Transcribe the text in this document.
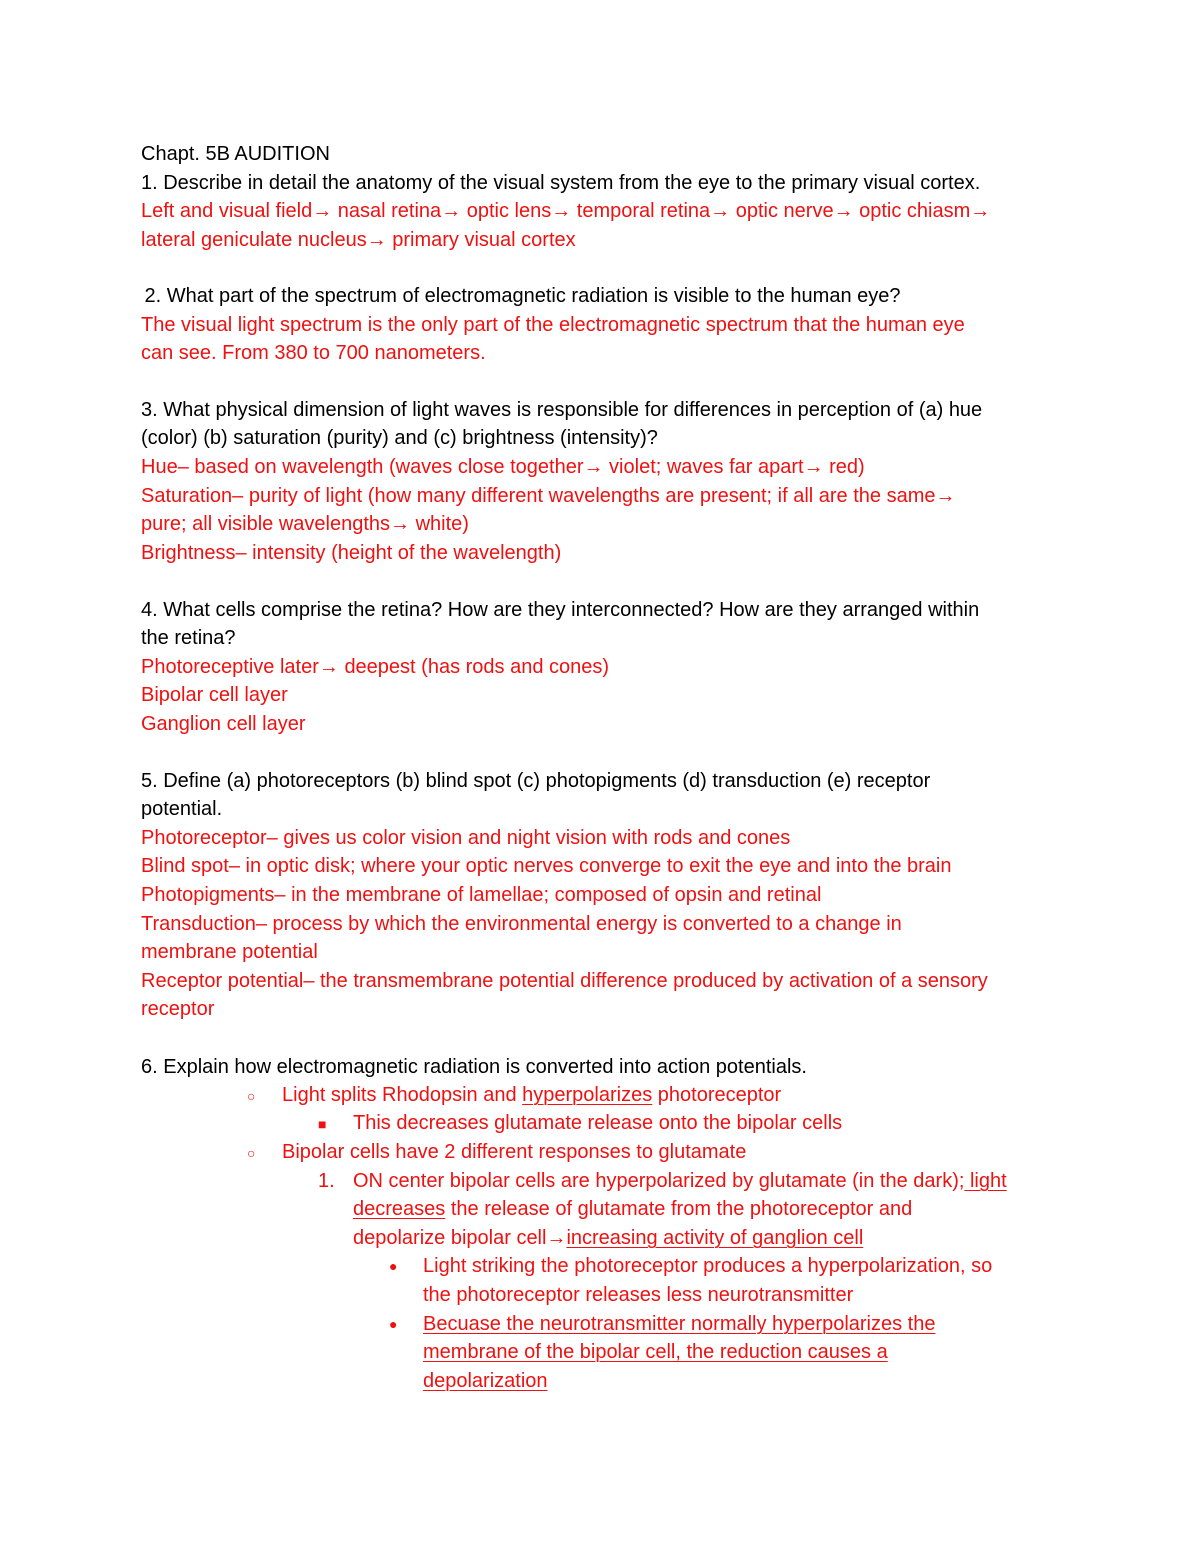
Chapt. 5B AUDITION
1. Describe in detail the anatomy of the visual system from the eye to the primary visual cortex.
Left and visual field→ nasal retina→ optic lens→ temporal retina→ optic nerve→ optic chiasm→
lateral geniculate nucleus→ primary visual cortex
2. What part of the spectrum of electromagnetic radiation is visible to the human eye?
The visual light spectrum is the only part of the electromagnetic spectrum that the human eye
can see. From 380 to 700 nanometers.
3. What physical dimension of light waves is responsible for differences in perception of (a) hue
(color) (b) saturation (purity) and (c) brightness (intensity)?
Hue– based on wavelength (waves close together→ violet; waves far apart→ red)
Saturation– purity of light (how many different wavelengths are present; if all are the same→
pure; all visible wavelengths→ white)
Brightness– intensity (height of the wavelength)
4. What cells comprise the retina? How are they interconnected? How are they arranged within
the retina?
Photoreceptive later→ deepest (has rods and cones)
Bipolar cell layer
Ganglion cell layer
5. Define (a) photoreceptors (b) blind spot (c) photopigments (d) transduction (e) receptor
potential.
Photoreceptor– gives us color vision and night vision with rods and cones
Blind spot– in optic disk; where your optic nerves converge to exit the eye and into the brain
Photopigments– in the membrane of lamellae; composed of opsin and retinal
Transduction– process by which the environmental energy is converted to a change in
membrane potential
Receptor potential– the transmembrane potential difference produced by activation of a sensory
receptor
6. Explain how electromagnetic radiation is converted into action potentials.
○ Light splits Rhodopsin and hyperpolarizes photoreceptor
■ This decreases glutamate release onto the bipolar cells
○ Bipolar cells have 2 different responses to glutamate
1. ON center bipolar cells are hyperpolarized by glutamate (in the dark); light
decreases the release of glutamate from the photoreceptor and
depolarize bipolar cell→increasing activity of ganglion cell
● Light striking the photoreceptor produces a hyperpolarization, so
the photoreceptor releases less neurotransmitter
● Becuase the neurotransmitter normally hyperpolarizes the
membrane of the bipolar cell, the reduction causes a
depolarization
